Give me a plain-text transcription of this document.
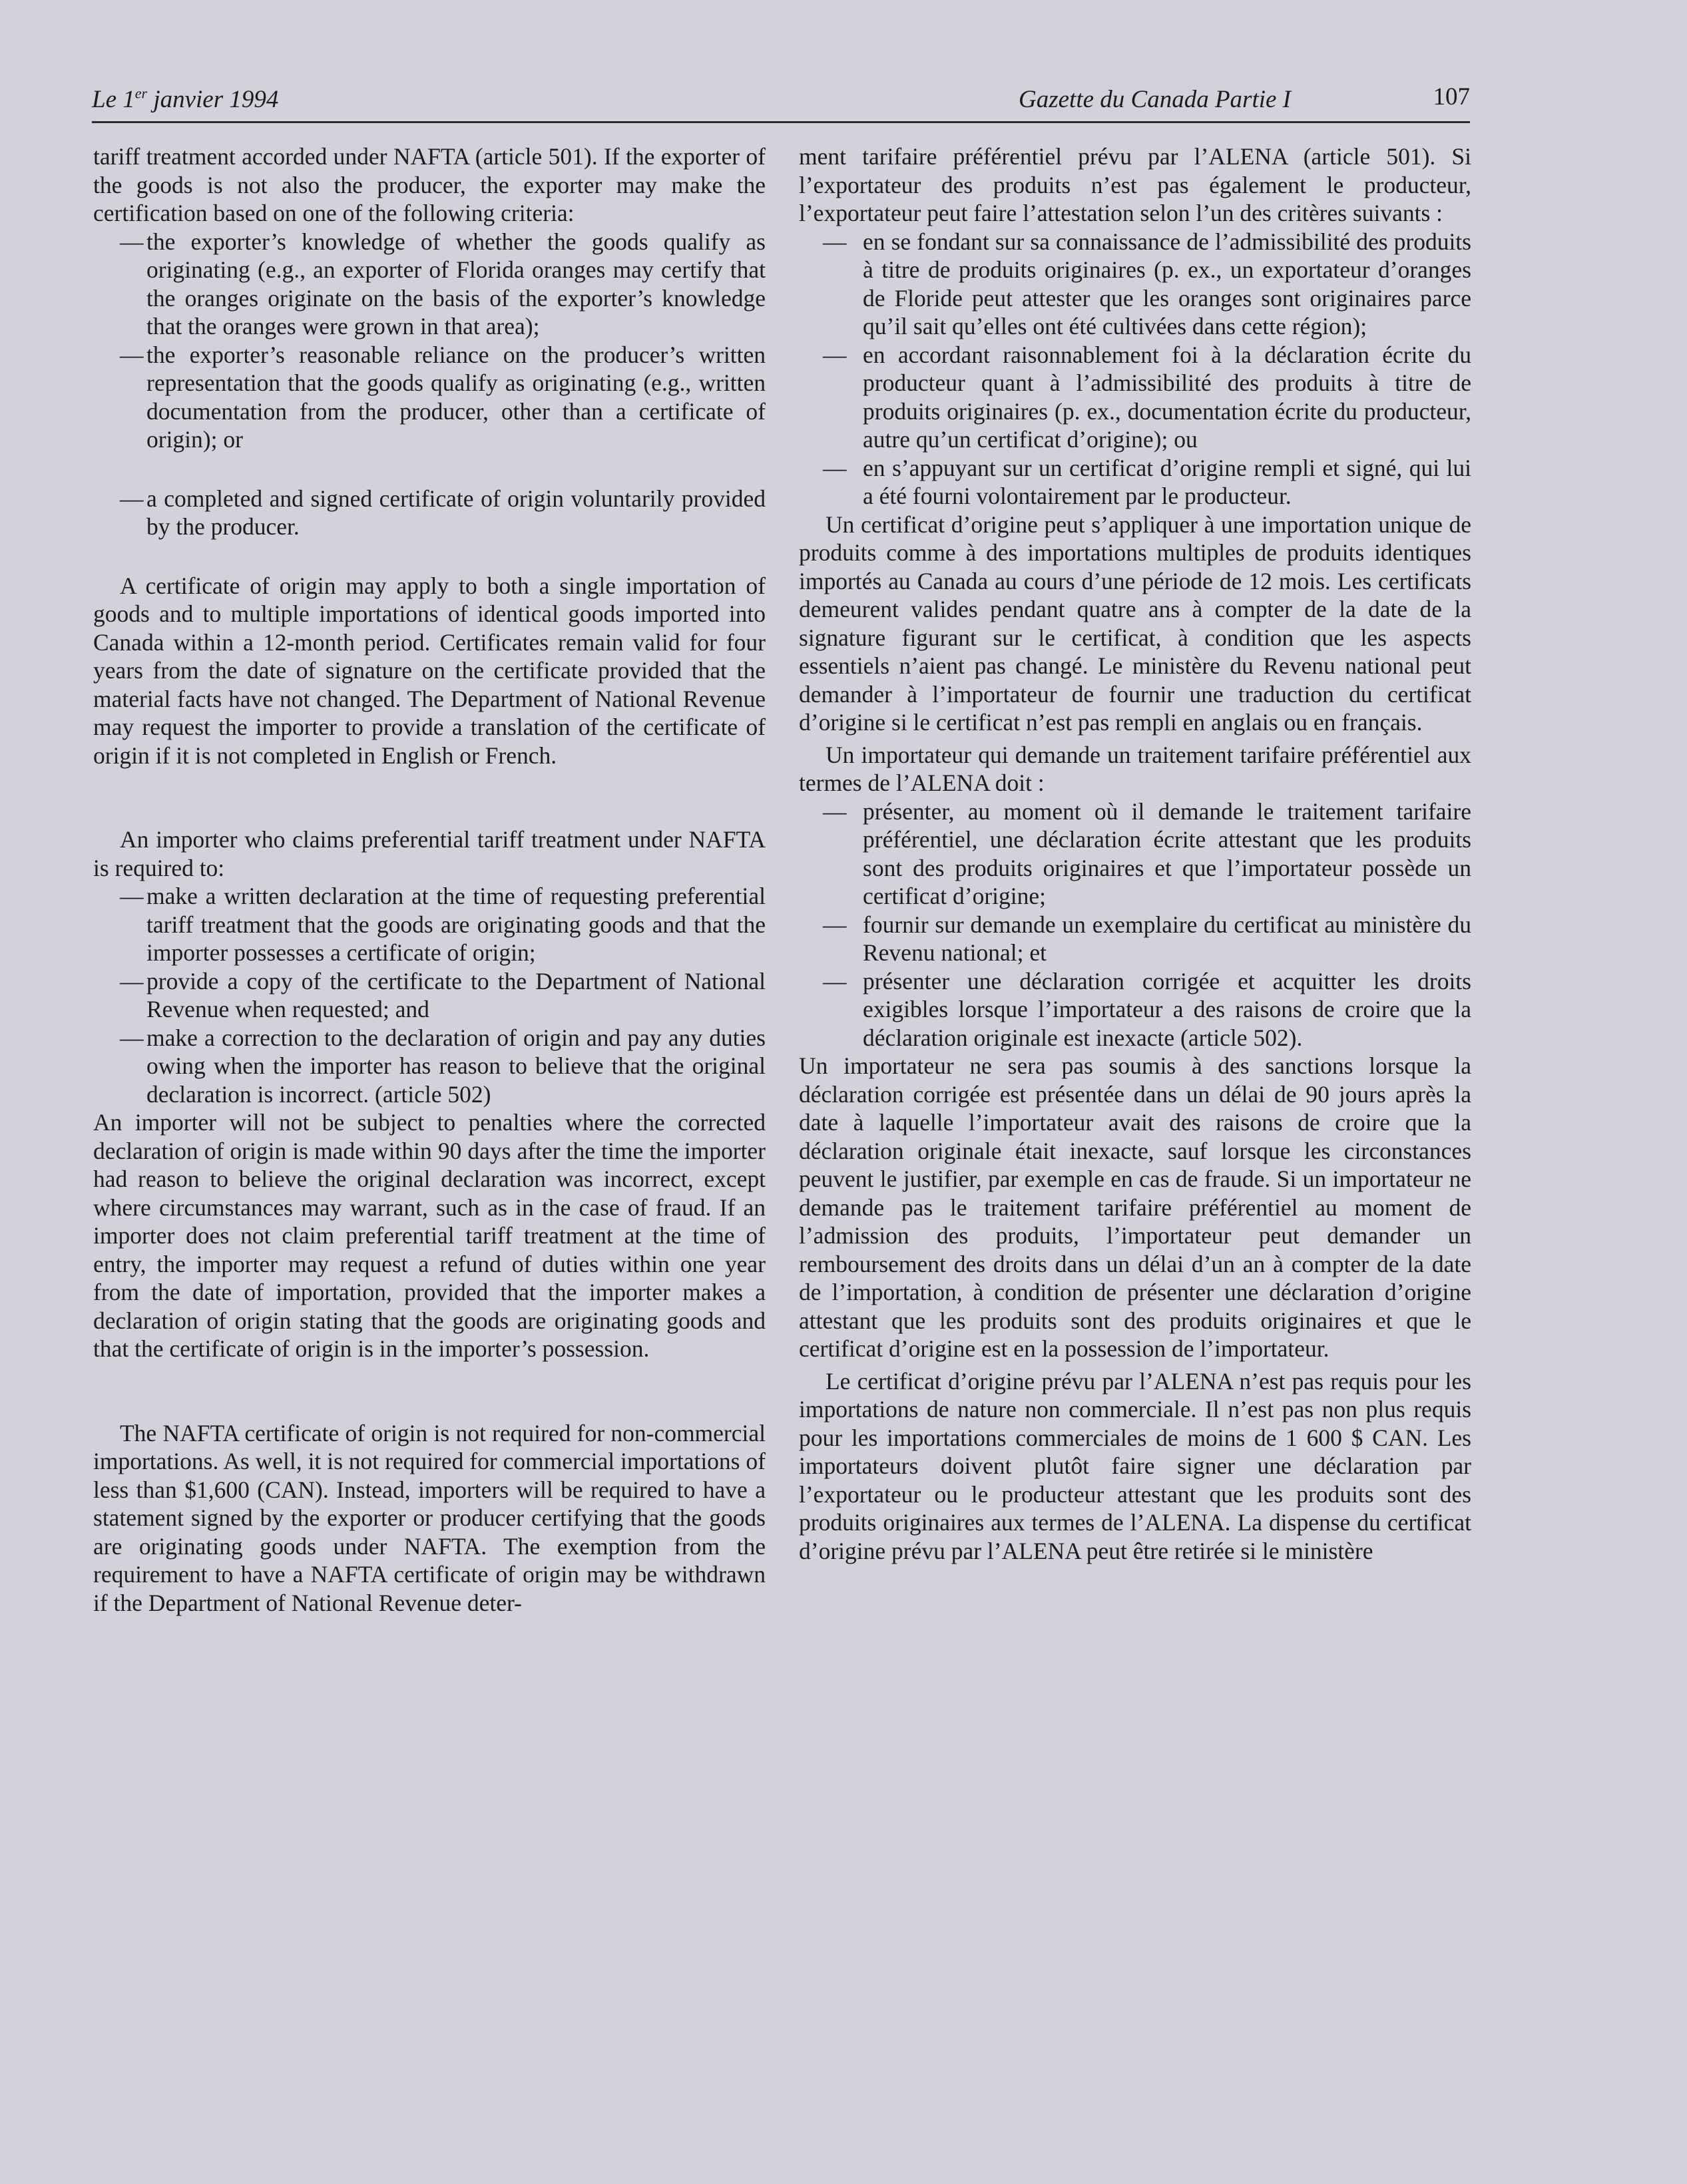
Le 1er janvier 1994	Gazette du Canada Partie I	107

tariff treatment accorded under NAFTA (article 501). If the exporter of the goods is not also the producer, the exporter may make the certification based on one of the following criteria:

— the exporter’s knowledge of whether the goods qualify as originating (e.g., an exporter of Florida oranges may certify that the oranges originate on the basis of the exporter’s knowledge that the oranges were grown in that area);
— the exporter’s reasonable reliance on the producer’s written representation that the goods qualify as originating (e.g., written documentation from the producer, other than a certificate of origin); or
— a completed and signed certificate of origin voluntarily provided by the producer.

A certificate of origin may apply to both a single importation of goods and to multiple importations of identical goods imported into Canada within a 12-month period. Certificates remain valid for four years from the date of signature on the certificate provided that the material facts have not changed. The Department of National Revenue may request the importer to provide a translation of the certificate of origin if it is not completed in English or French.

An importer who claims preferential tariff treatment under NAFTA is required to:

— make a written declaration at the time of requesting preferential tariff treatment that the goods are originating goods and that the importer possesses a certificate of origin;
— provide a copy of the certificate to the Department of National Revenue when requested; and
— make a correction to the declaration of origin and pay any duties owing when the importer has reason to believe that the original declaration is incorrect. (article 502)

An importer will not be subject to penalties where the corrected declaration of origin is made within 90 days after the time the importer had reason to believe the original declaration was incorrect, except where circumstances may warrant, such as in the case of fraud. If an importer does not claim preferential tariff treatment at the time of entry, the importer may request a refund of duties within one year from the date of importation, provided that the importer makes a declaration of origin stating that the goods are originating goods and that the certificate of origin is in the importer’s possession.

The NAFTA certificate of origin is not required for non-commercial importations. As well, it is not required for commercial importations of less than $1,600 (CAN). Instead, importers will be required to have a statement signed by the exporter or producer certifying that the goods are originating goods under NAFTA. The exemption from the requirement to have a NAFTA certificate of origin may be withdrawn if the Department of National Revenue deter-

ment tarifaire préférentiel prévu par l’ALENA (article 501). Si l’exportateur des produits n’est pas également le producteur, l’exportateur peut faire l’attestation selon l’un des critères suivants :

— en se fondant sur sa connaissance de l’admissibilité des produits à titre de produits originaires (p. ex., un exportateur d’oranges de Floride peut attester que les oranges sont originaires parce qu’il sait qu’elles ont été cultivées dans cette région);
— en accordant raisonnablement foi à la déclaration écrite du producteur quant à l’admissibilité des produits à titre de produits originaires (p. ex., documentation écrite du producteur, autre qu’un certificat d’origine); ou
— en s’appuyant sur un certificat d’origine rempli et signé, qui lui a été fourni volontairement par le producteur.

Un certificat d’origine peut s’appliquer à une importation unique de produits comme à des importations multiples de produits identiques importés au Canada au cours d’une période de 12 mois. Les certificats demeurent valides pendant quatre ans à compter de la date de la signature figurant sur le certificat, à condition que les aspects essentiels n’aient pas changé. Le ministère du Revenu national peut demander à l’importateur de fournir une traduction du certificat d’origine si le certificat n’est pas rempli en anglais ou en français.

Un importateur qui demande un traitement tarifaire préférentiel aux termes de l’ALENA doit :

— présenter, au moment où il demande le traitement tarifaire préférentiel, une déclaration écrite attestant que les produits sont des produits originaires et que l’importateur possède un certificat d’origine;
— fournir sur demande un exemplaire du certificat au ministère du Revenu national; et
— présenter une déclaration corrigée et acquitter les droits exigibles lorsque l’importateur a des raisons de croire que la déclaration originale est inexacte (article 502).

Un importateur ne sera pas soumis à des sanctions lorsque la déclaration corrigée est présentée dans un délai de 90 jours après la date à laquelle l’importateur avait des raisons de croire que la déclaration originale était inexacte, sauf lorsque les circonstances peuvent le justifier, par exemple en cas de fraude. Si un importateur ne demande pas le traitement tarifaire préférentiel au moment de l’admission des produits, l’importateur peut demander un remboursement des droits dans un délai d’un an à compter de la date de l’importation, à condition de présenter une déclaration d’origine attestant que les produits sont des produits originaires et que le certificat d’origine est en la possession de l’importateur.

Le certificat d’origine prévu par l’ALENA n’est pas requis pour les importations de nature non commerciale. Il n’est pas non plus requis pour les importations commerciales de moins de 1 600 $ CAN. Les importateurs doivent plutôt faire signer une déclaration par l’exportateur ou le producteur attestant que les produits sont des produits originaires aux termes de l’ALENA. La dispense du certificat d’origine prévu par l’ALENA peut être retirée si le ministère
